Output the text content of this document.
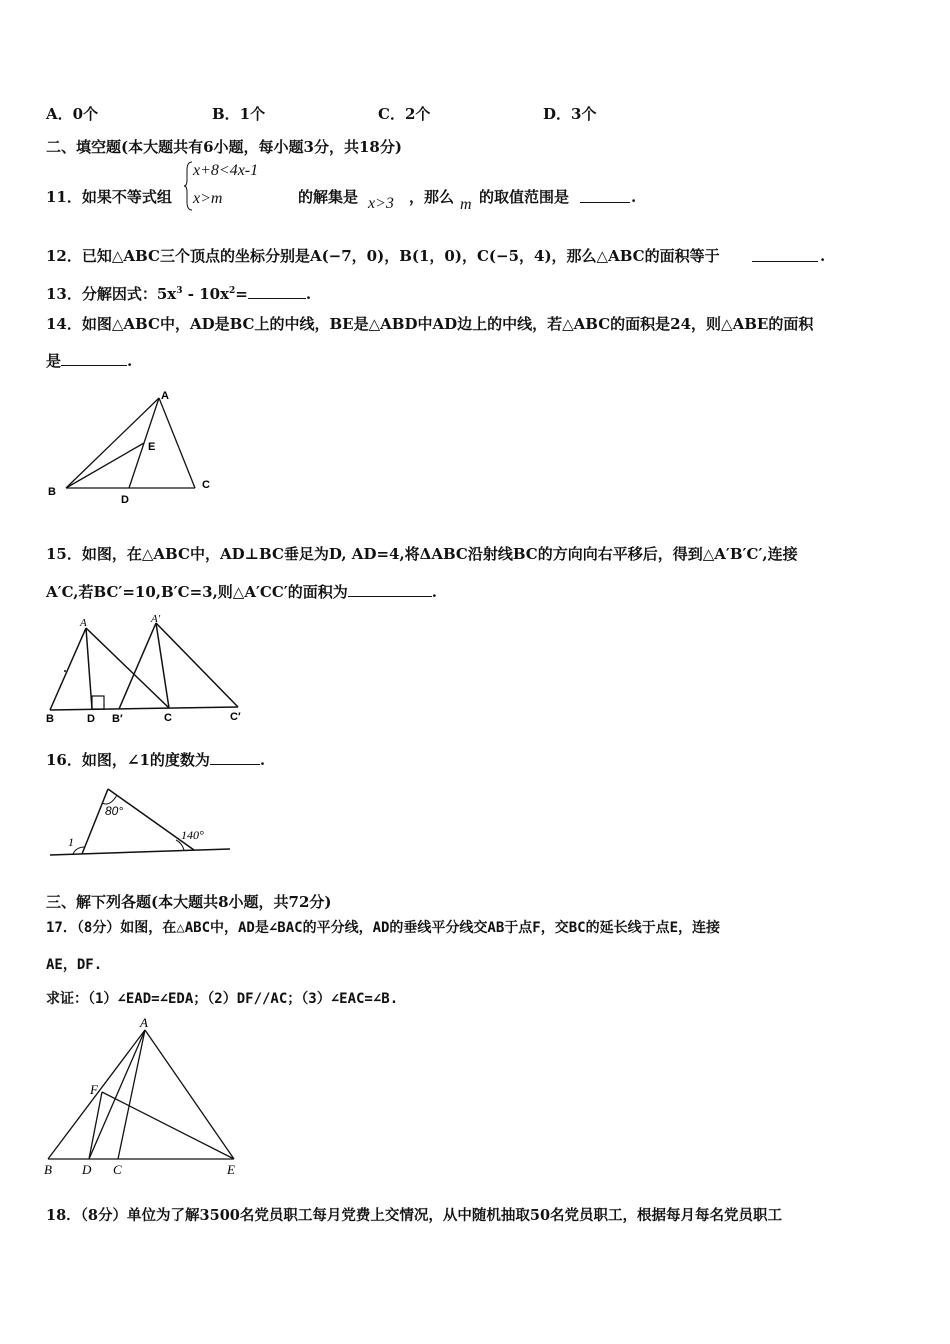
A．0个	B．1个	C．2个	D．3个
二、填空题(本大题共有6小题，每小题3分，共18分)
11．如果不等式组
x+8<4x-1
x>m	的解集是 x>3 ，那么 m 的取值范围是	.
12．已知△ABC三个顶点的坐标分别是A(−7，0)，B(1，0)，C(−5，4)，那么△ABC的面积等于	.
13．分解因式：$5x^3 - 10x^2=$	.
14．如图△ABC中，AD是BC上的中线，BE是△ABD中AD边上的中线，若△ABC的面积是24，则△ABE的面积
是	.
A
B
C
D
E
15．如图，在△ABC中，AD⊥BC垂足为D, AD=4,将ΔABC沿射线BC的方向向右平移后，得到△A′B′C′,连接
A′C,若BC′=10,B′C=3,则△A′CC′的面积为	.
A	A′
B	D B′	C	C′
16．如图，∠1的度数为	.
80°
140°
1
三、解下列各题(本大题共8小题，共72分)
17．（8分）如图，在△ABC中，AD是∠BAC的平分线，AD的垂线平分线交AB于点F，交BC的延长线于点E，连接
AE，DF.
求证：（1）∠EAD=∠EDA；（2）DF//AC；（3）∠EAC=∠B.
A
F
B D C	E
18．（8分）单位为了解3500名党员职工每月党费上交情况，从中随机抽取50名党员职工，根据每月每名党员职工
